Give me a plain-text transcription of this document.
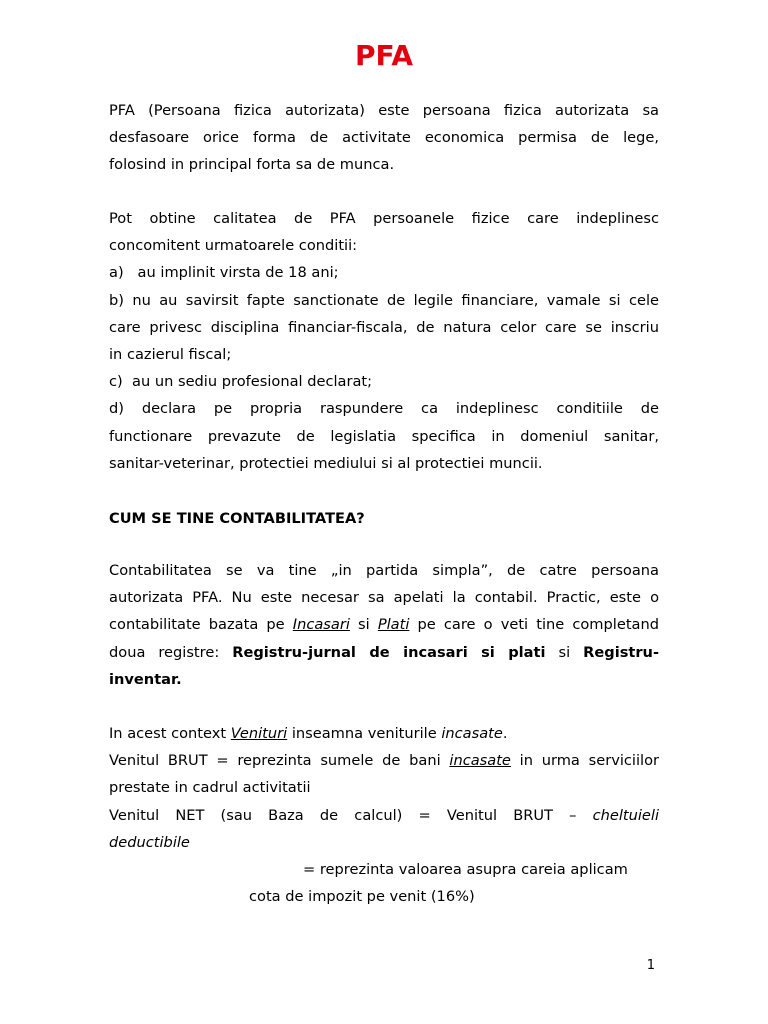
PFA
PFA (Persoana fizica autorizata) este persoana fizica autorizata sa
desfasoare orice forma de activitate economica permisa de lege,
folosind in principal forta sa de munca.
Pot obtine calitatea de PFA persoanele fizice care indeplinesc
concomitent urmatoarele conditii:
a)   au implinit virsta de 18 ani;
b) nu au savirsit fapte sanctionate de legile financiare, vamale si cele
care privesc disciplina financiar-fiscala, de natura celor care se inscriu
in cazierul fiscal;
c)  au un sediu profesional declarat;
d) declara pe propria raspundere ca indeplinesc conditiile de
functionare prevazute de legislatia specifica in domeniul sanitar,
sanitar-veterinar, protectiei mediului si al protectiei muncii.
CUM SE TINE CONTABILITATEA?
Contabilitatea se va tine „in partida simpla”, de catre persoana
autorizata PFA. Nu este necesar sa apelati la contabil. Practic, este o
contabilitate bazata pe Incasari si Plati pe care o veti tine completand
doua registre: Registru-jurnal de incasari si plati si Registru-
inventar.
In acest context Venituri inseamna veniturile incasate.
Venitul BRUT = reprezinta sumele de bani incasate in urma serviciilor
prestate in cadrul activitatii
Venitul NET (sau Baza de calcul) = Venitul BRUT – cheltuieli
deductibile
= reprezinta valoarea asupra careia aplicam
cota de impozit pe venit (16%)
1
